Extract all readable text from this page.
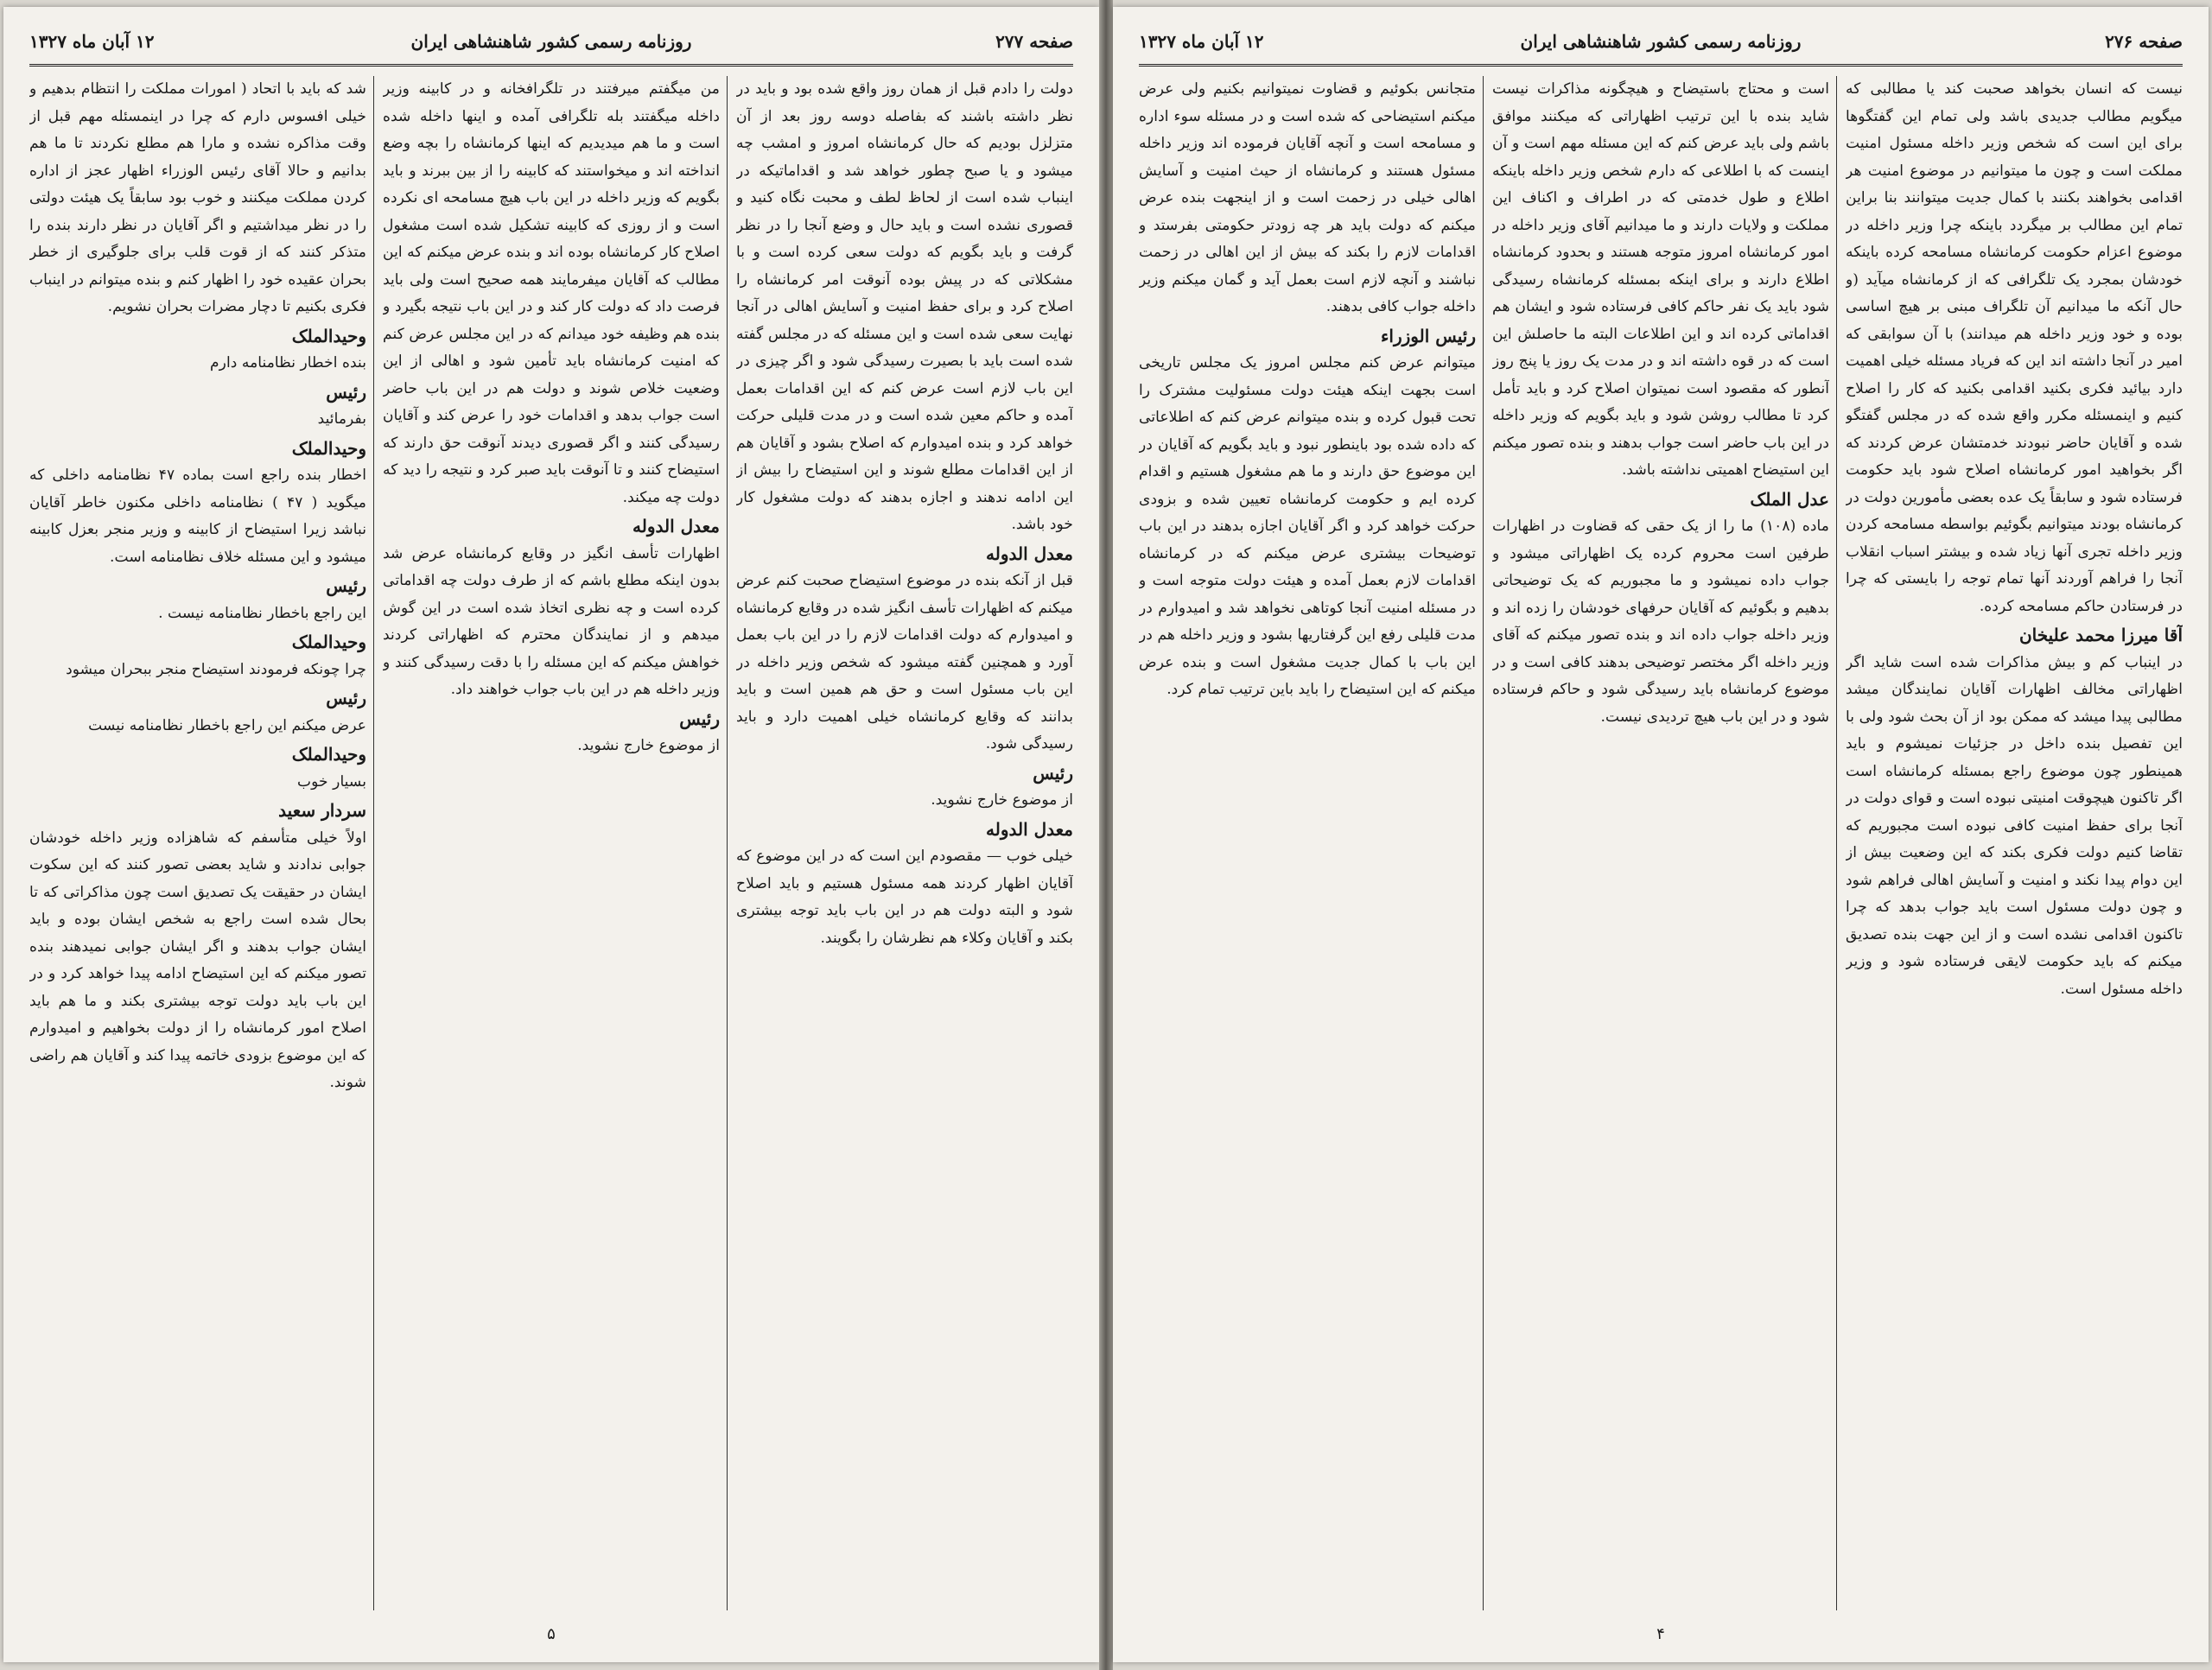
صفحه ۲۷۷
روزنامه رسمی کشور شاهنشاهی ایران
۱۲ آبان ماه ۱۳۲۷

دولت را دادم قبل از همان روز واقع شده بود و باید در نظر داشته باشند که بفاصله دوسه روز بعد از آن متزلزل بودیم که حال کرمانشاه امروز و امشب چه میشود و یا صبح چطور خواهد شد و اقداماتیکه در اینباب شده است از لحاظ لطف و محبت نگاه کنید و قصوری نشده است و باید حال و وضع آنجا را در نظر گرفت و باید بگویم که دولت سعی کرده است و با مشکلاتی که در پیش بوده آنوقت امر کرمانشاه را اصلاح کرد و برای حفظ امنیت و آسایش اهالی در آنجا نهایت سعی شده است و این مسئله که در مجلس گفته شده است باید با بصیرت رسیدگی شود و اگر چیزی در این باب لازم است عرض کنم که این اقدامات بعمل آمده و حاکم معین شده است و در مدت قلیلی حرکت خواهد کرد و بنده امیدوارم که اصلاح بشود و آقایان هم از این اقدامات مطلع شوند و این استیضاح را بیش از این ادامه ندهند و اجازه بدهند که دولت مشغول کار خود باشد.

معدل الدوله

قبل از آنکه بنده در موضوع استیضاح صحبت کنم عرض میکنم که اظهارات تأسف انگیز شده در وقایع کرمانشاه و امیدوارم که دولت اقدامات لازم را در این باب بعمل آورد و همچنین گفته میشود که شخص وزیر داخله در این باب مسئول است و حق هم همین است و باید بدانند که وقایع کرمانشاه خیلی اهمیت دارد و باید رسیدگی شود.

رئیس

از موضوع خارج نشوید.

معدل الدوله

خیلی خوب — مقصودم این است که در این موضوع که آقایان اظهار کردند همه مسئول هستیم و باید اصلاح شود و البته دولت هم در این باب باید توجه بیشتری بکند و آقایان وکلاء هم نظرشان را بگویند.

من میگفتم میرفتند در تلگرافخانه و در کابینه وزیر داخله میگفتند بله تلگرافی آمده و اینها داخله شده است و ما هم میدیدیم که اینها کرمانشاه را بچه وضع انداخته اند و میخواستند که کابینه را از بین ببرند و باید بگویم که وزیر داخله در این باب هیچ مسامحه ای نکرده است و از روزی که کابینه تشکیل شده است مشغول اصلاح کار کرمانشاه بوده اند و بنده عرض میکنم که این مطالب که آقایان میفرمایند همه صحیح است ولی باید فرصت داد که دولت کار کند و در این باب نتیجه بگیرد و بنده هم وظیفه خود میدانم که در این مجلس عرض کنم که امنیت کرمانشاه باید تأمین شود و اهالی از این وضعیت خلاص شوند و دولت هم در این باب حاضر است جواب بدهد و اقدامات خود را عرض کند و آقایان رسیدگی کنند و اگر قصوری دیدند آنوقت حق دارند که استیضاح کنند و تا آنوقت باید صبر کرد و نتیجه را دید که دولت چه میکند.

معدل الدوله

اظهارات تأسف انگیز در وقایع کرمانشاه عرض شد بدون اینکه مطلع باشم که از طرف دولت چه اقداماتی کرده است و چه نظری اتخاذ شده است در این گوش میدهم و از نمایندگان محترم که اظهاراتی کردند خواهش میکنم که این مسئله را با دقت رسیدگی کنند و وزیر داخله هم در این باب جواب خواهند داد.

رئیس

از موضوع خارج نشوید.

شد که باید با اتحاد ( امورات مملکت را انتظام بدهیم و خیلی افسوس دارم که چرا در اینمسئله مهم قبل از وقت مذاکره نشده و مارا هم مطلع نکردند تا ما هم بدانیم و حالا آقای رئیس الوزراء اظهار عجز از اداره کردن مملکت میکنند و خوب بود سابقاً یک هیئت دولتی را در نظر میداشتیم و اگر آقایان در نظر دارند بنده را متذکر کنند که از قوت قلب برای جلوگیری از خطر بحران عقیده خود را اظهار کنم و بنده میتوانم در اینباب فکری بکنیم تا دچار مضرات بحران نشویم.

وحیدالملک

بنده اخطار نظامنامه دارم

رئیس

بفرمائید

وحیدالملک

اخطار بنده راجع است بماده ۴۷ نظامنامه داخلی که میگوید ( ۴۷ ) نظامنامه داخلی مکنون خاطر آقایان نباشد زیرا استیضاح از کابینه و وزیر منجر بعزل کابینه میشود و این مسئله خلاف نظامنامه است.

رئیس

این راجع باخطار نظامنامه نیست .

وحیدالملک

چرا چونکه فرمودند استیضاح منجر ببحران میشود

رئیس

عرض میکنم این راجع باخطار نظامنامه نیست

وحیدالملک

بسیار خوب

سردار سعید

اولاً خیلی متأسفم که شاهزاده وزیر داخله خودشان جوابی ندادند و شاید بعضی تصور کنند که این سکوت ایشان در حقیقت یک تصدیق است چون مذاکراتی که تا بحال شده است راجع به شخص ایشان بوده و باید ایشان جواب بدهند و اگر ایشان جوابی نمیدهند بنده تصور میکنم که این استیضاح ادامه پیدا خواهد کرد و در این باب باید دولت توجه بیشتری بکند و ما هم باید اصلاح امور کرمانشاه را از دولت بخواهیم و امیدوارم که این موضوع بزودی خاتمه پیدا کند و آقایان هم راضی شوند.

۵
صفحه ۲۷۶
روزنامه رسمی کشور شاهنشاهی ایران
۱۲ آبان ماه ۱۳۲۷

نیست که انسان بخواهد صحبت کند یا مطالبی که میگویم مطالب جدیدی باشد ولی تمام این گفتگوها برای این است که شخص وزیر داخله مسئول امنیت مملکت است و چون ما میتوانیم در موضوع امنیت هر اقدامی بخواهند بکنند با کمال جدیت میتوانند بنا براین تمام این مطالب بر میگردد باینکه چرا وزیر داخله در موضوع اعزام حکومت کرمانشاه مسامحه کرده باینکه خودشان بمجرد یک تلگرافی که از کرمانشاه میآید (و حال آنکه ما میدانیم آن تلگراف مبنی بر هیچ اساسی بوده و خود وزیر داخله هم میدانند) با آن سوابقی که امیر در آنجا داشته اند این که فریاد مسئله خیلی اهمیت دارد بیائید فکری بکنید اقدامی بکنید که کار را اصلاح کنیم و اینمسئله مکرر واقع شده که در مجلس گفتگو شده و آقایان حاضر نبودند خدمتشان عرض کردند که اگر بخواهید امور کرمانشاه اصلاح شود باید حکومت فرستاده شود و سابقاً یک عده بعضی مأمورین دولت در کرمانشاه بودند میتوانیم بگوئیم بواسطه مسامحه کردن وزیر داخله تجری آنها زیاد شده و بیشتر اسباب انقلاب آنجا را فراهم آوردند آنها تمام توجه را بایستی که چرا در فرستادن حاکم مسامحه کرده.

آقا میرزا محمد علیخان

در اینباب کم و بیش مذاکرات شده است شاید اگر اظهاراتی مخالف اظهارات آقایان نمایندگان میشد مطالبی پیدا میشد که ممکن بود از آن بحث شود ولی با این تفصیل بنده داخل در جزئیات نمیشوم و باید همینطور چون موضوع راجع بمسئله کرمانشاه است اگر تاکنون هیچوقت امنیتی نبوده است و قوای دولت در آنجا برای حفظ امنیت کافی نبوده است مجبوریم که تقاضا کنیم دولت فکری بکند که این وضعیت بیش از این دوام پیدا نکند و امنیت و آسایش اهالی فراهم شود و چون دولت مسئول است باید جواب بدهد که چرا تاکنون اقدامی نشده است و از این جهت بنده تصدیق میکنم که باید حکومت لایقی فرستاده شود و وزیر داخله مسئول است.

است و محتاج باستیضاح و هیچگونه مذاکرات نیست شاید بنده با این ترتیب اظهاراتی که میکنند موافق باشم ولی باید عرض کنم که این مسئله مهم است و آن اینست که با اطلاعی که دارم شخص وزیر داخله باینکه اطلاع و طول خدمتی که در اطراف و اکناف این مملکت و ولایات دارند و ما میدانیم آقای وزیر داخله در امور کرمانشاه امروز متوجه هستند و بحدود کرمانشاه اطلاع دارند و برای اینکه بمسئله کرمانشاه رسیدگی شود باید یک نفر حاکم کافی فرستاده شود و ایشان هم اقداماتی کرده اند و این اطلاعات البته ما حاصلش این است که در قوه داشته اند و در مدت یک روز یا پنج روز آنطور که مقصود است نمیتوان اصلاح کرد و باید تأمل کرد تا مطالب روشن شود و باید بگویم که وزیر داخله در این باب حاضر است جواب بدهند و بنده تصور میکنم این استیضاح اهمیتی نداشته باشد.

عدل الملک

ماده (۱۰۸) ما را از یک حقی که قضاوت در اظهارات طرفین است محروم کرده یک اظهاراتی میشود و جواب داده نمیشود و ما مجبوریم که یک توضیحاتی بدهیم و بگوئیم که آقایان حرفهای خودشان را زده اند و وزیر داخله جواب داده اند و بنده تصور میکنم که آقای وزیر داخله اگر مختصر توضیحی بدهند کافی است و در موضوع کرمانشاه باید رسیدگی شود و حاکم فرستاده شود و در این باب هیچ تردیدی نیست.

متجانس بکوئیم و قضاوت نمیتوانیم بکنیم ولی عرض میکنم استیضاحی که شده است و در مسئله سوء اداره و مسامحه است و آنچه آقایان فرموده اند وزیر داخله مسئول هستند و کرمانشاه از حیث امنیت و آسایش اهالی خیلی در زحمت است و از اینجهت بنده عرض میکنم که دولت باید هر چه زودتر حکومتی بفرستد و اقدامات لازم را بکند که بیش از این اهالی در زحمت نباشند و آنچه لازم است بعمل آید و گمان میکنم وزیر داخله جواب کافی بدهند.

رئیس الوزراء

میتوانم عرض کنم مجلس امروز یک مجلس تاریخی است بجهت اینکه هیئت دولت مسئولیت مشترک را تحت قبول کرده و بنده میتوانم عرض کنم که اطلاعاتی که داده شده بود باینطور نبود و باید بگویم که آقایان در این موضوع حق دارند و ما هم مشغول هستیم و اقدام کرده ایم و حکومت کرمانشاه تعیین شده و بزودی حرکت خواهد کرد و اگر آقایان اجازه بدهند در این باب توضیحات بیشتری عرض میکنم که در کرمانشاه اقدامات لازم بعمل آمده و هیئت دولت متوجه است و در مسئله امنیت آنجا کوتاهی نخواهد شد و امیدوارم در مدت قلیلی رفع این گرفتاریها بشود و وزیر داخله هم در این باب با کمال جدیت مشغول است و بنده عرض میکنم که این استیضاح را باید باین ترتیب تمام کرد.

۴
